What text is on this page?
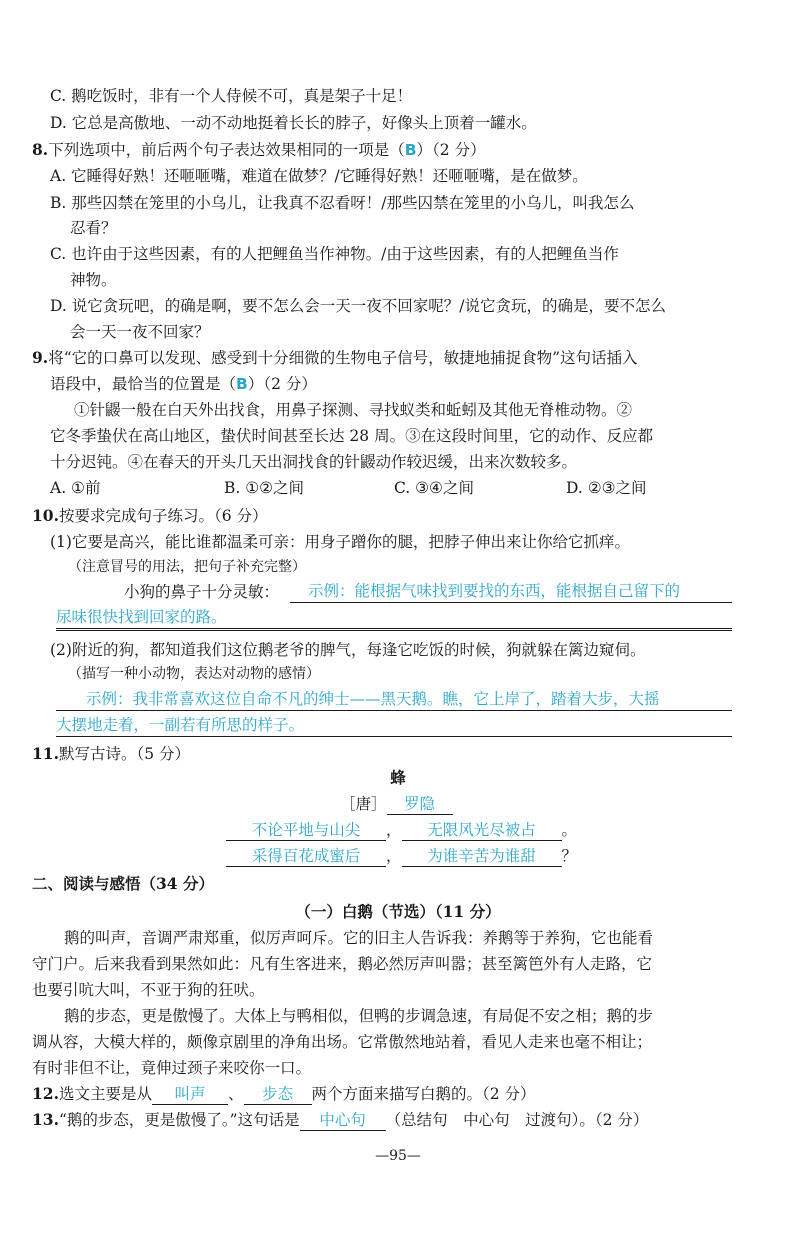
C. 鹅吃饭时，非有一个人侍候不可，真是架子十足！
D. 它总是高傲地、一动不动地挺着长长的脖子，好像头上顶着一罐水。
8.下列选项中，前后两个句子表达效果相同的一项是（B）（2 分）
A. 它睡得好熟！还咂咂嘴，难道在做梦？/它睡得好熟！还咂咂嘴，是在做梦。
B. 那些囚禁在笼里的小乌儿，让我真不忍看呀！/那些囚禁在笼里的小乌儿，叫我怎么
忍看？
C. 也许由于这些因素，有的人把鲤鱼当作神物。/由于这些因素，有的人把鲤鱼当作
神物。
D. 说它贪玩吧，的确是啊，要不怎么会一天一夜不回家呢？/说它贪玩，的确是，要不怎么
会一天一夜不回家？
9.将“它的口鼻可以发现、感受到十分细微的生物电子信号，敏捷地捕捉食物”这句话插入
语段中，最恰当的位置是（B）（2 分）
①针鼹一般在白天外出找食，用鼻子探测、寻找蚁类和蚯蚓及其他无脊椎动物。②
它冬季蛰伏在高山地区，蛰伏时间甚至长达 28 周。③在这段时间里，它的动作、反应都
十分迟钝。④在春天的开头几天出洞找食的针鼹动作较迟缓，出来次数较多。
A. ①前	B. ①②之间	C. ③④之间	D. ②③之间
10.按要求完成句子练习。（6 分）
(1)它要是高兴，能比谁都温柔可亲：用身子蹭你的腿，把脖子伸出来让你给它抓痒。
（注意冒号的用法，把句子补充完整）
小狗的鼻子十分灵敏：	示例：能根据气味找到要找的东西，能根据自己留下的
尿味很快找到回家的路。
(2)附近的狗，都知道我们这位鹅老爷的脾气，每逢它吃饭的时候，狗就躲在篱边窥伺。
（描写一种小动物，表达对动物的感情）
示例：我非常喜欢这位自命不凡的绅士——黑天鹅。瞧，它上岸了，踏着大步，大摇
大摆地走着，一副若有所思的样子。
11.默写古诗。（5 分）
蜂
［唐］ 罗隐
不论平地与山尖 ， 无限风光尽被占 。
采得百花成蜜后 ， 为谁辛苦为谁甜 ？
二、阅读与感悟（34 分）
（一）白鹅（节选）（11 分）
鹅的叫声，音调严肃郑重，似厉声呵斥。它的旧主人告诉我：养鹅等于养狗，它也能看
守门户。后来我看到果然如此：凡有生客进来，鹅必然厉声叫嚣；甚至篱笆外有人走路，它
也要引吭大叫，不亚于狗的狂吠。
鹅的步态，更是傲慢了。大体上与鸭相似，但鸭的步调急速，有局促不安之相；鹅的步
调从容，大模大样的，颇像京剧里的净角出场。它常傲然地站着，看见人走来也毫不相让；
有时非但不让，竟伸过颈子来咬你一口。
12.选文主要是从 叫声 、 步态 两个方面来描写白鹅的。（2 分）
13.“鹅的步态，更是傲慢了。”这句话是 中心句 （总结句　中心句　过渡句）。（2 分）
—95—
